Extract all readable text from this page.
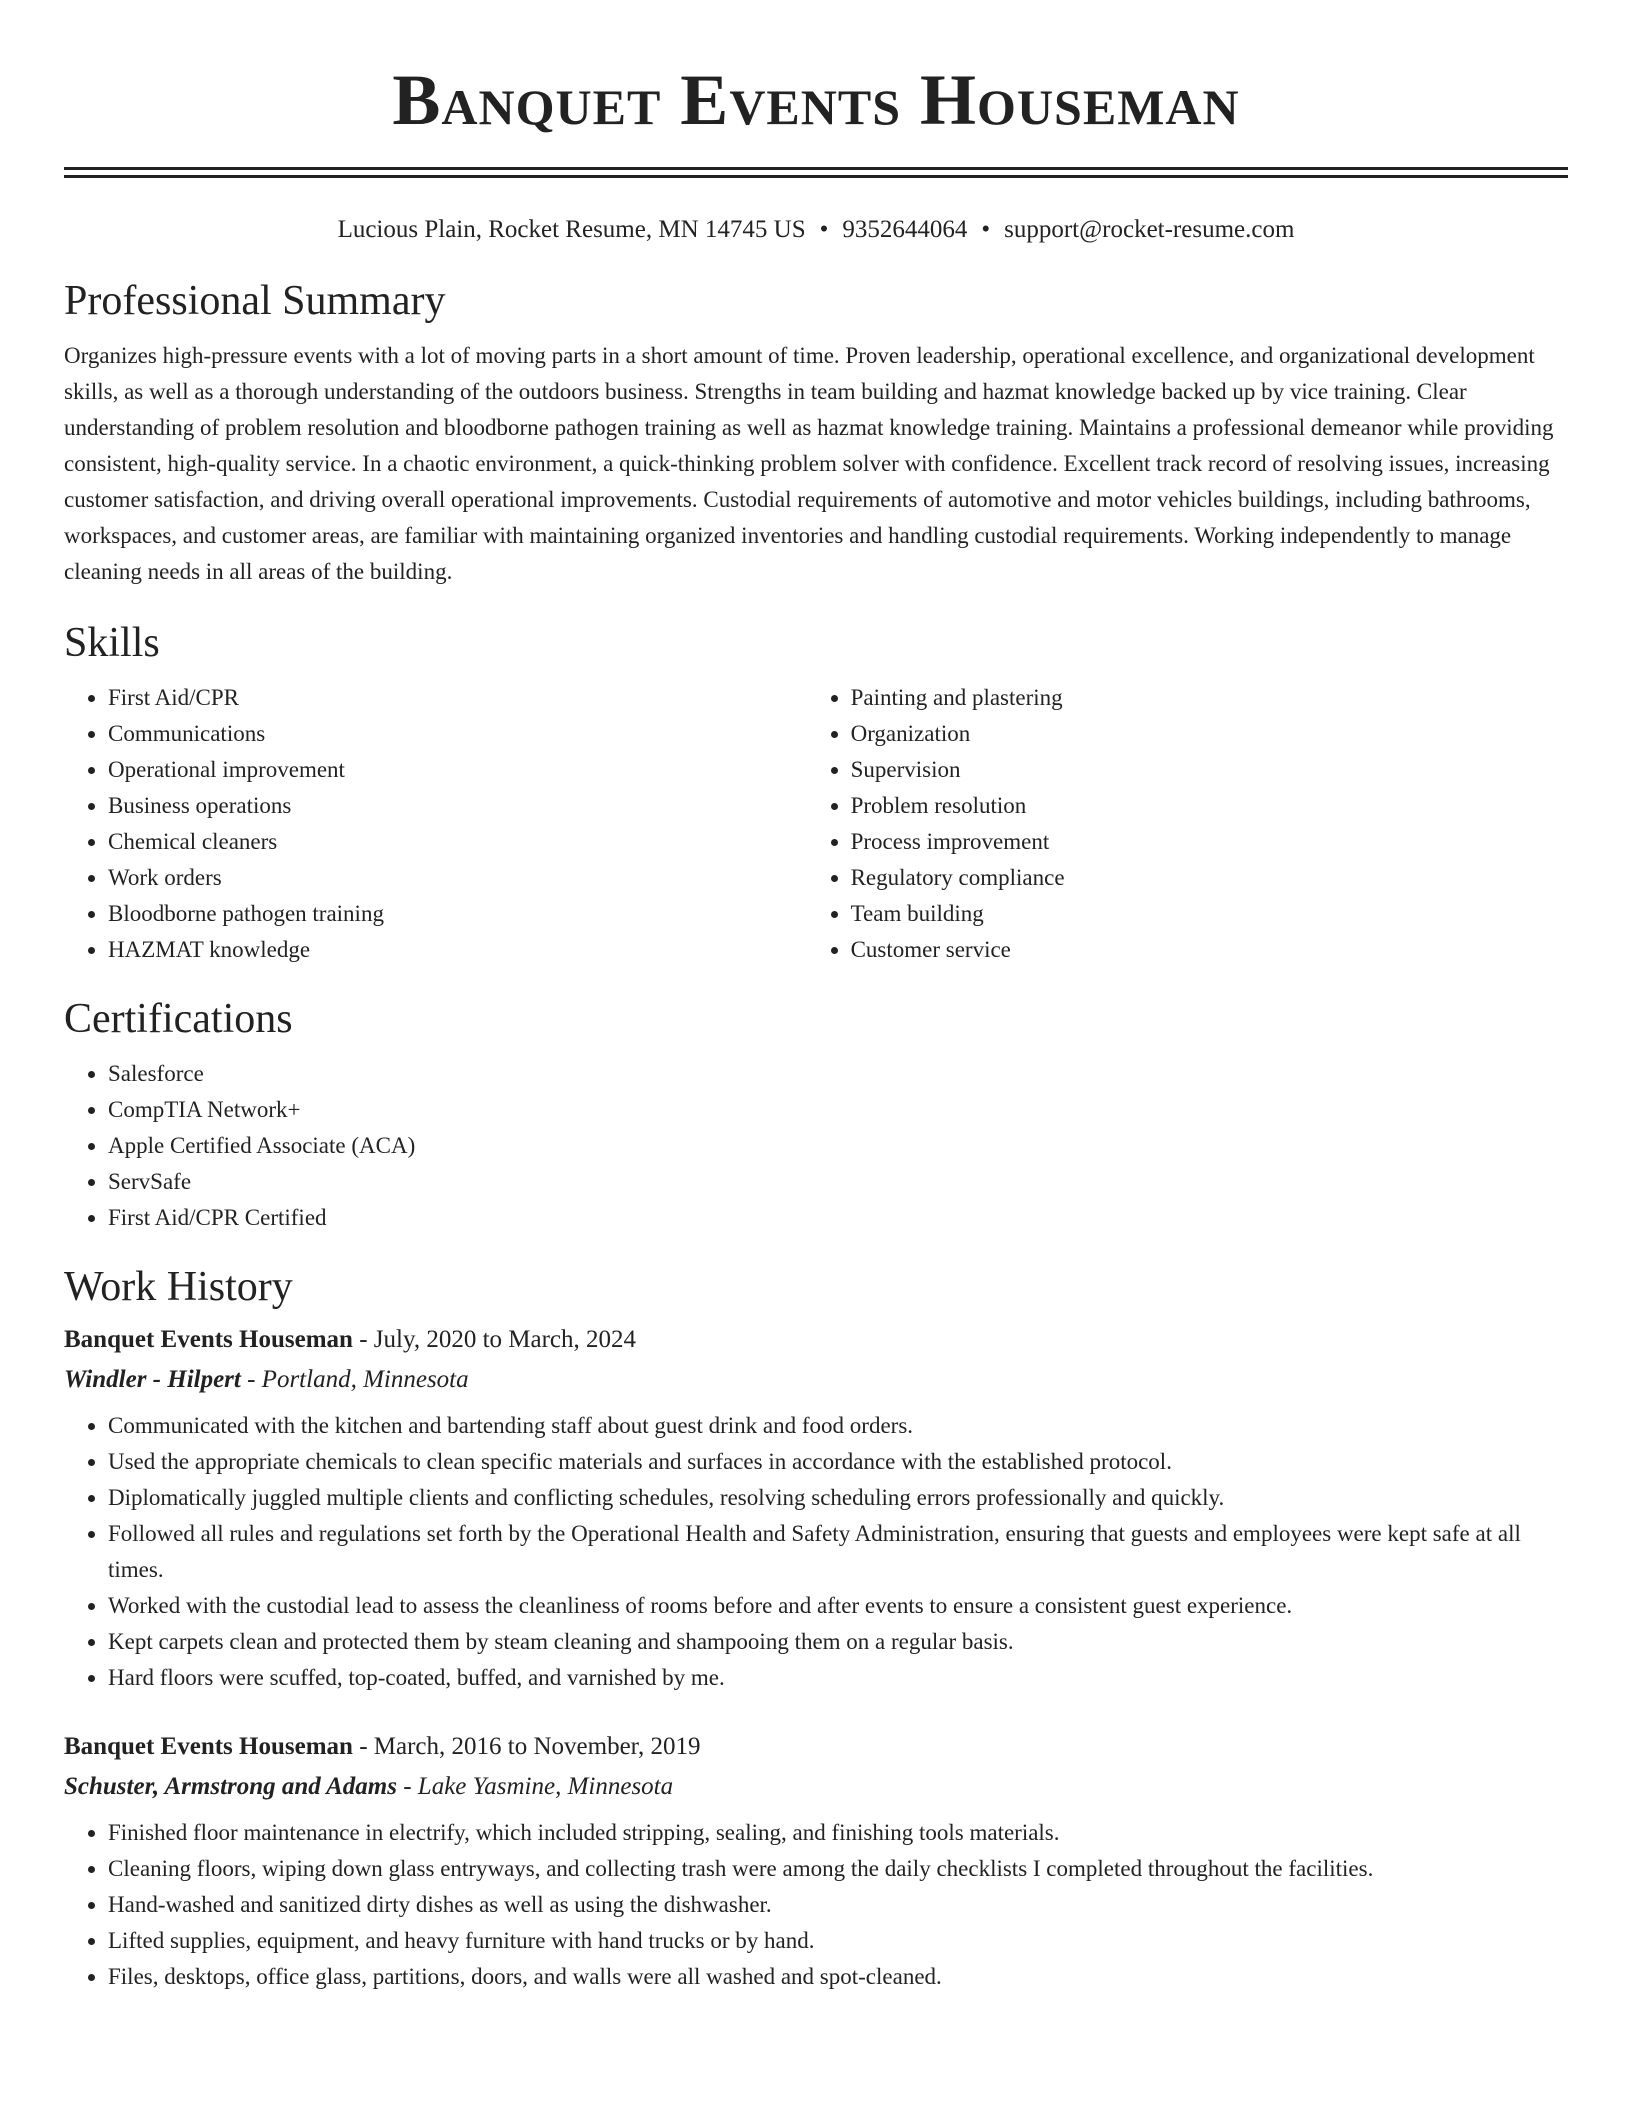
Banquet Events Houseman
Lucious Plain, Rocket Resume, MN 14745 US • 9352644064 • support@rocket-resume.com
Professional Summary

Organizes high-pressure events with a lot of moving parts in a short amount of time. Proven leadership, operational excellence, and organizational development skills, as well as a thorough understanding of the outdoors business. Strengths in team building and hazmat knowledge backed up by vice training. Clear understanding of problem resolution and bloodborne pathogen training as well as hazmat knowledge training. Maintains a professional demeanor while providing consistent, high-quality service. In a chaotic environment, a quick-thinking problem solver with confidence. Excellent track record of resolving issues, increasing customer satisfaction, and driving overall operational improvements. Custodial requirements of automotive and motor vehicles buildings, including bathrooms, workspaces, and customer areas, are familiar with maintaining organized inventories and handling custodial requirements. Working independently to manage cleaning needs in all areas of the building.

Skills
• First Aid/CPR
• Communications
• Operational improvement
• Business operations
• Chemical cleaners
• Work orders
• Bloodborne pathogen training
• HAZMAT knowledge
• Painting and plastering
• Organization
• Supervision
• Problem resolution
• Process improvement
• Regulatory compliance
• Team building
• Customer service
Certifications
• Salesforce
• CompTIA Network+
• Apple Certified Associate (ACA)
• ServSafe
• First Aid/CPR Certified
Work History

Banquet Events Houseman - July, 2020 to March, 2024

Windler - Hilpert - Portland, Minnesota

• Communicated with the kitchen and bartending staff about guest drink and food orders.
• Used the appropriate chemicals to clean specific materials and surfaces in accordance with the established protocol.
• Diplomatically juggled multiple clients and conflicting schedules, resolving scheduling errors professionally and quickly.
• Followed all rules and regulations set forth by the Operational Health and Safety Administration, ensuring that guests and employees were kept safe at all times.
• Worked with the custodial lead to assess the cleanliness of rooms before and after events to ensure a consistent guest experience.
• Kept carpets clean and protected them by steam cleaning and shampooing them on a regular basis.
• Hard floors were scuffed, top-coated, buffed, and varnished by me.

Banquet Events Houseman - March, 2016 to November, 2019

Schuster, Armstrong and Adams - Lake Yasmine, Minnesota

• Finished floor maintenance in electrify, which included stripping, sealing, and finishing tools materials.
• Cleaning floors, wiping down glass entryways, and collecting trash were among the daily checklists I completed throughout the facilities.
• Hand-washed and sanitized dirty dishes as well as using the dishwasher.
• Lifted supplies, equipment, and heavy furniture with hand trucks or by hand.
• Files, desktops, office glass, partitions, doors, and walls were all washed and spot-cleaned.
